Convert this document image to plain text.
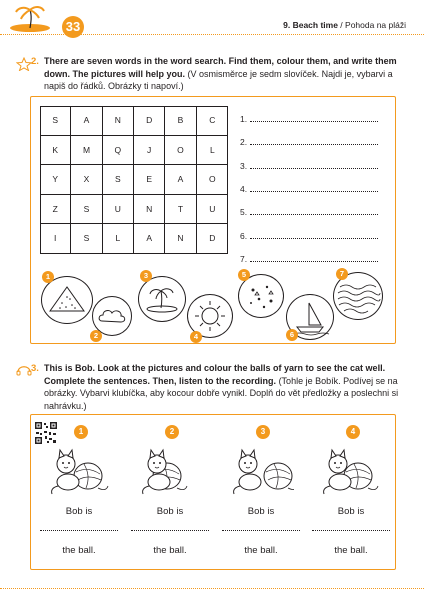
33	9. Beach time / Pohoda na pláži
2. There are seven words in the word search. Find them, colour them, and write them down. The pictures will help you. (V osmisměrce je sedm slovíček. Najdi je, vybarvi a napiš do řádků. Obrázky ti napoví.)
S	A	N	D	B	C
K	M	Q	J	O	L
Y	X	S	E	A	O
Z	S	U	N	T	U
I	S	L	A	N	D
1.
2.
3.
4.
5.
6.
7.
1
2
3
4
5
6
7
3. This is Bob. Look at the pictures and colour the balls of yarn to see the cat well. Complete the sentences. Then, listen to the recording. (Tohle je Bobík. Podívej se na obrázky. Vybarvi klubíčka, aby kocour dobře vynikl. Doplň do vět předložky a poslechni si nahrávku.)
1
Bob is
the ball.
2
Bob is
the ball.
3
Bob is
the ball.
4
Bob is
the ball.
